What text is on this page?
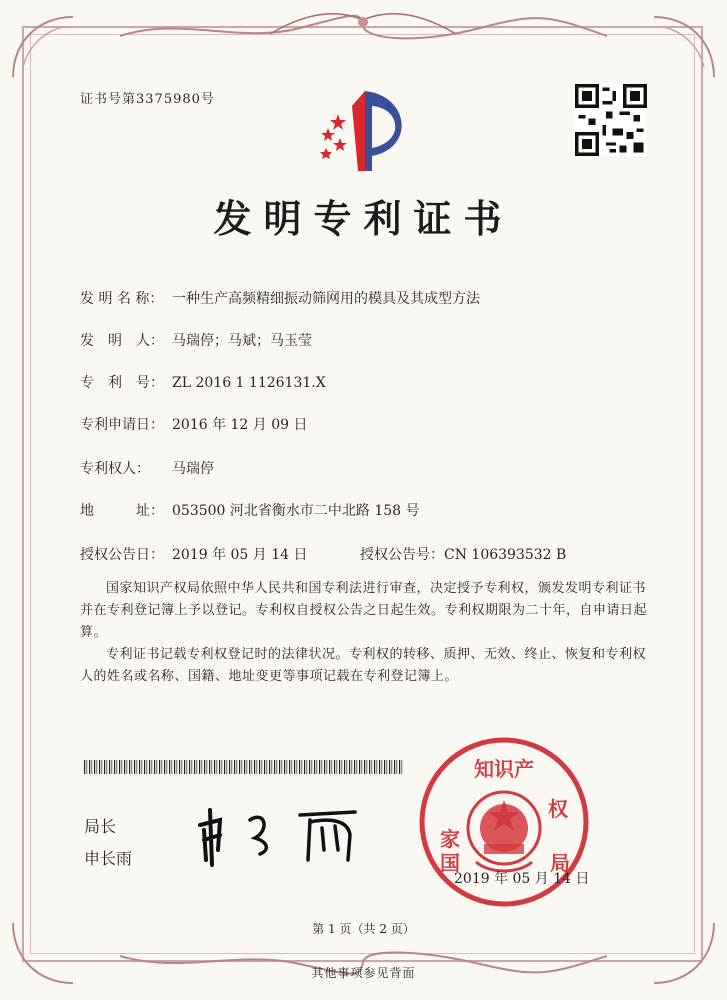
证书号第3375980号
发明专利证书
发 明 名 称： 一种生产高频精细振动筛网用的模具及其成型方法
发　明　人： 马瑞停；马斌；马玉莹
专　利　号： ZL 2016 1 1126131.X
专利申请日： 2016 年 12 月 09 日
专利权人： 马瑞停
地　　　址： 053500 河北省衡水市二中北路 158 号
授权公告日： 2019 年 05 月 14 日	授权公告号：CN 106393532 B
国家知识产权局依照中华人民共和国专利法进行审查，决定授予专利权，颁发发明专利证书并在专利登记簿上予以登记。专利权自授权公告之日起生效。专利权期限为二十年，自申请日起算。
专利证书记载专利权登记时的法律状况。专利权的转移、质押、无效、终止、恢复和专利权人的姓名或名称、国籍、地址变更等事项记载在专利登记簿上。
局长
申长雨
知识产
家
国
权
局
2019 年 05 月 14 日
第 1 页（共 2 页）
其他事项参见背面
